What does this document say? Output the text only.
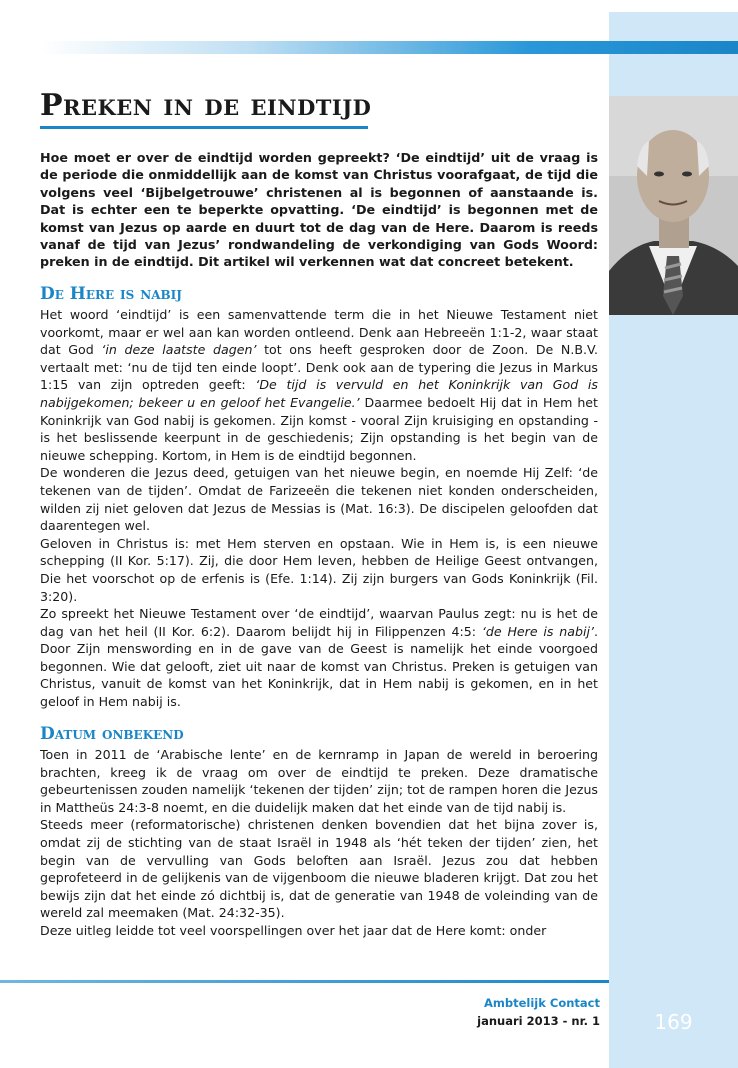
Preken in de eindtijd

Hoe moet er over de eindtijd worden gepreekt? ‘De eindtijd’ uit de vraag is de periode die onmiddellijk aan de komst van Christus voorafgaat, de tijd die volgens veel ‘Bijbelgetrouwe’ christenen al is begonnen of aanstaande is. Dat is echter een te beperkte opvatting. ‘De eindtijd’ is begonnen met de komst van Jezus op aarde en duurt tot de dag van de Here. Daarom is reeds vanaf de tijd van Jezus’ rondwandeling de verkondiging van Gods Woord: preken in de eindtijd. Dit artikel wil verkennen wat dat concreet betekent.

De Here is nabij

Het woord ‘eindtijd’ is een samenvattende term die in het Nieuwe Testament niet voorkomt, maar er wel aan kan worden ontleend. Denk aan Hebreeën 1:1-2, waar staat dat God ‘in deze laatste dagen’ tot ons heeft gesproken door de Zoon. De N.B.V. vertaalt met: ‘nu de tijd ten einde loopt’. Denk ook aan de typering die Jezus in Markus 1:15 van zijn optreden geeft: ‘De tijd is vervuld en het Koninkrijk van God is nabijgekomen; bekeer u en geloof het Evangelie.’ Daarmee bedoelt Hij dat in Hem het Koninkrijk van God nabij is gekomen. Zijn komst - vooral Zijn kruisiging en opstanding - is het beslissende keerpunt in de geschiedenis; Zijn opstanding is het begin van de nieuwe schepping. Kortom, in Hem is de eindtijd begonnen.

De wonderen die Jezus deed, getuigen van het nieuwe begin, en noemde Hij Zelf: ‘de tekenen van de tijden’. Omdat de Farizeeën die tekenen niet konden onderscheiden, wilden zij niet geloven dat Jezus de Messias is (Mat. 16:3). De discipelen geloofden dat daarentegen wel.

Geloven in Christus is: met Hem sterven en opstaan. Wie in Hem is, is een nieuwe schepping (II Kor. 5:17). Zij, die door Hem leven, hebben de Heilige Geest ontvangen, Die het voorschot op de erfenis is (Efe. 1:14). Zij zijn burgers van Gods Koninkrijk (Fil. 3:20).

Zo spreekt het Nieuwe Testament over ‘de eindtijd’, waarvan Paulus zegt: nu is het de dag van het heil (II Kor. 6:2). Daarom belijdt hij in Filippenzen 4:5: ‘de Here is nabij’. Door Zijn menswording en in de gave van de Geest is namelijk het einde voorgoed begonnen. Wie dat gelooft, ziet uit naar de komst van Christus. Preken is getuigen van Christus, vanuit de komst van het Koninkrijk, dat in Hem nabij is gekomen, en in het geloof in Hem nabij is.

Datum onbekend

Toen in 2011 de ‘Arabische lente’ en de kernramp in Japan de wereld in beroering brachten, kreeg ik de vraag om over de eindtijd te preken. Deze dramatische gebeurtenissen zouden namelijk ‘tekenen der tijden’ zijn; tot de rampen horen die Jezus in Mattheüs 24:3-8 noemt, en die duidelijk maken dat het einde van de tijd nabij is.

Steeds meer (reformatorische) christenen denken bovendien dat het bijna zover is, omdat zij de stichting van de staat Israël in 1948 als ‘hét teken der tijden’ zien, het begin van de vervulling van Gods beloften aan Israël. Jezus zou dat hebben geprofeteerd in de gelijkenis van de vijgenboom die nieuwe bladeren krijgt. Dat zou het bewijs zijn dat het einde zó dichtbij is, dat de generatie van 1948 de voleinding van de wereld zal meemaken (Mat. 24:32-35).

Deze uitleg leidde tot veel voorspellingen over het jaar dat de Here komt: onder

Ambtelijk Contact

januari 2013 - nr. 1	169
